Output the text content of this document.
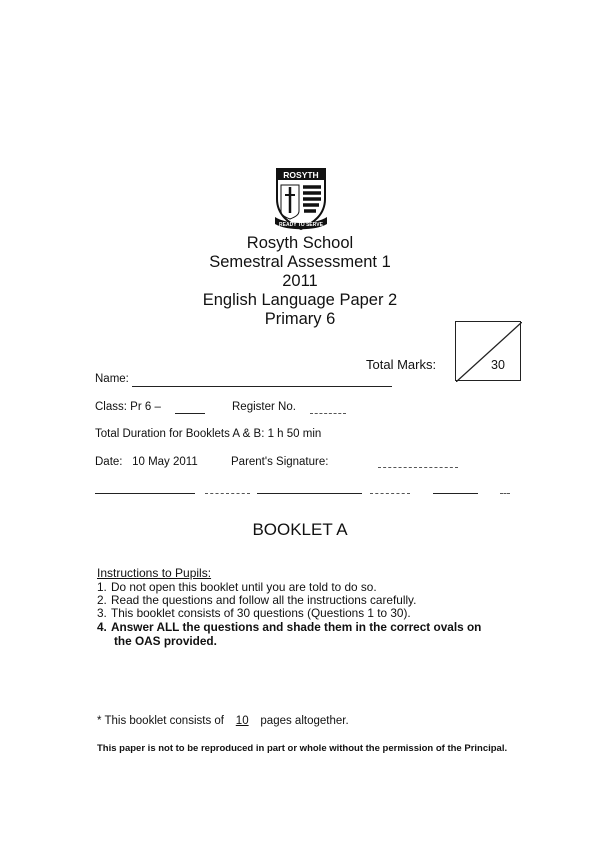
ROSYTH
READY TO SERVE
Rosyth School
Semestral Assessment 1
2011
English Language Paper 2
Primary 6
Total Marks:	30
Name:
Class: Pr 6 –	Register No.
Total Duration for Booklets A & B: 1 h 50 min
Date: 10 May 2011	Parent's Signature:
BOOKLET A
Instructions to Pupils:
1. Do not open this booklet until you are told to do so.
2. Read the questions and follow all the instructions carefully.
3. This booklet consists of 30 questions (Questions 1 to 30).
4. Answer ALL the questions and shade them in the correct ovals on
the OAS provided.
* This booklet consists of 10 pages altogether.
This paper is not to be reproduced in part or whole without the permission of the Principal.
